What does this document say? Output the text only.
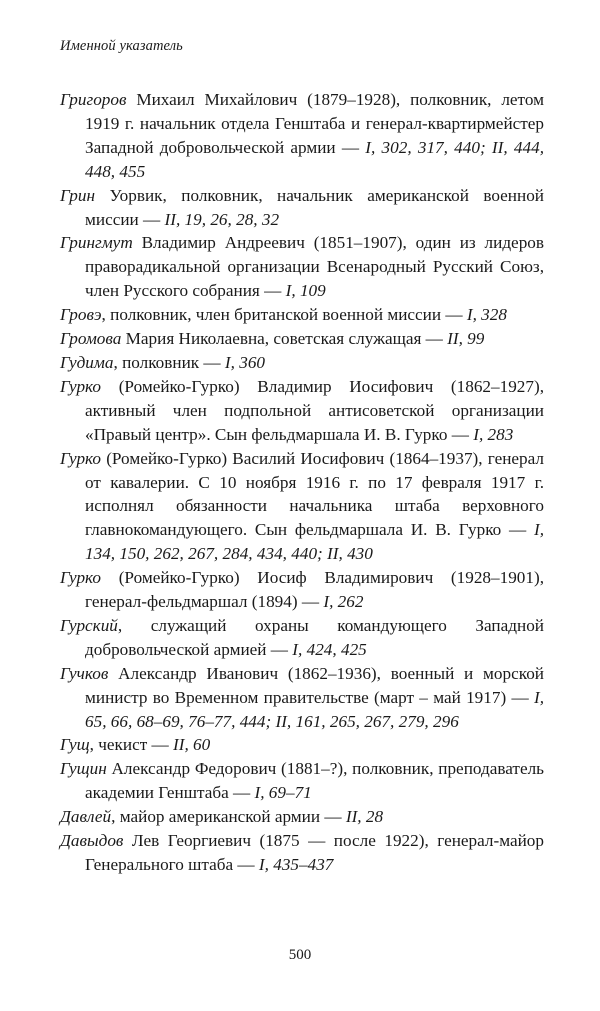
Именной указатель

Григоров Михаил Михайлович (1879–1928), полковник, летом 1919 г. начальник отдела Генштаба и генерал-квартирмейстер Западной добровольческой армии — I, 302, 317, 440; II, 444, 448, 455

Грин Уорвик, полковник, начальник американской военной миссии — II, 19, 26, 28, 32

Грингмут Владимир Андреевич (1851–1907), один из лидеров праворадикальной организации Всенародный Русский Союз, член Русского собрания — I, 109

Гровэ, полковник, член британской военной миссии — I, 328

Громова Мария Николаевна, советская служащая — II, 99

Гудима, полковник — I, 360

Гурко (Ромейко-Гурко) Владимир Иосифович (1862–1927), активный член подпольной антисоветской организации «Правый центр». Сын фельдмаршала И. В. Гурко — I, 283

Гурко (Ромейко-Гурко) Василий Иосифович (1864–1937), генерал от кавалерии. С 10 ноября 1916 г. по 17 февраля 1917 г. исполнял обязанности начальника штаба верховного главнокомандующего. Сын фельдмаршала И. В. Гурко — I, 134, 150, 262, 267, 284, 434, 440; II, 430

Гурко (Ромейко-Гурко) Иосиф Владимирович (1928–1901), генерал-фельдмаршал (1894) — I, 262

Гурский, служащий охраны командующего Западной добровольческой армией — I, 424, 425

Гучков Александр Иванович (1862–1936), военный и морской министр во Временном правительстве (март – май 1917) — I, 65, 66, 68–69, 76–77, 444; II, 161, 265, 267, 279, 296

Гущ, чекист — II, 60

Гущин Александр Федорович (1881–?), полковник, преподаватель академии Генштаба — I, 69–71

Давлей, майор американской армии — II, 28

Давыдов Лев Георгиевич (1875 — после 1922), генерал-майор Генерального штаба — I, 435–437

500
